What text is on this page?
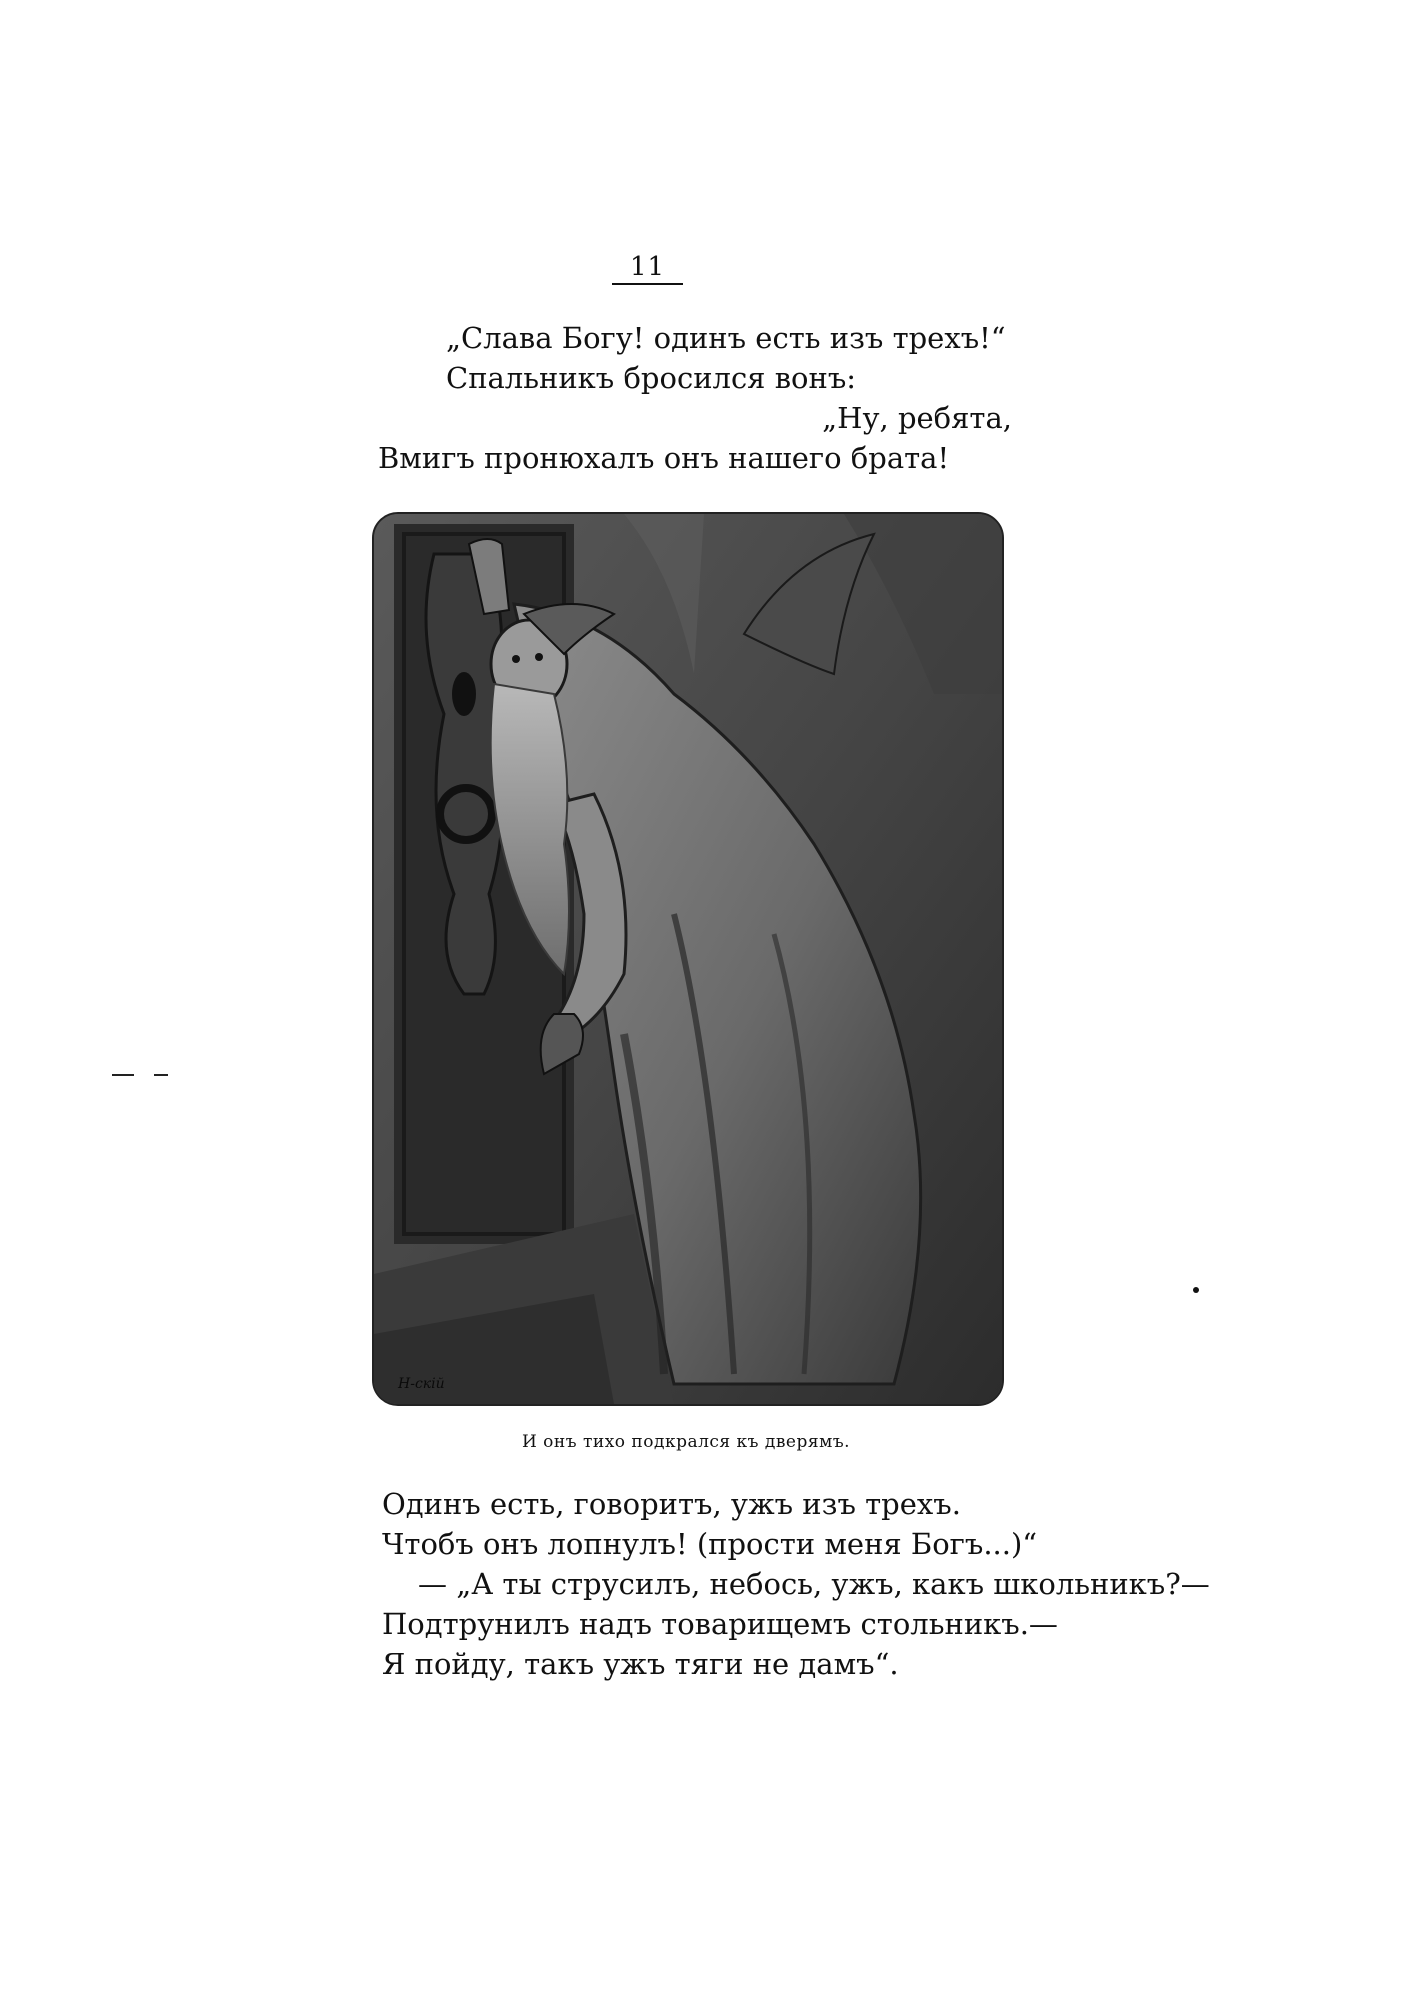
11
„Слава Богу! одинъ есть изъ трехъ!“
Спальникъ бросился вонъ:
„Ну, ребята,
Вмигъ пронюхалъ онъ нашего брата!
Н-скій
И онъ тихо подкрался къ дверямъ.
Одинъ есть, говоритъ, ужъ изъ трехъ.
Чтобъ онъ лопнулъ! (прости меня Богъ...)“
— „А ты струсилъ, небось, ужъ, какъ школьникъ?—
Подтрунилъ надъ товарищемъ стольникъ.—
Я пойду, такъ ужъ тяги не дамъ“.
